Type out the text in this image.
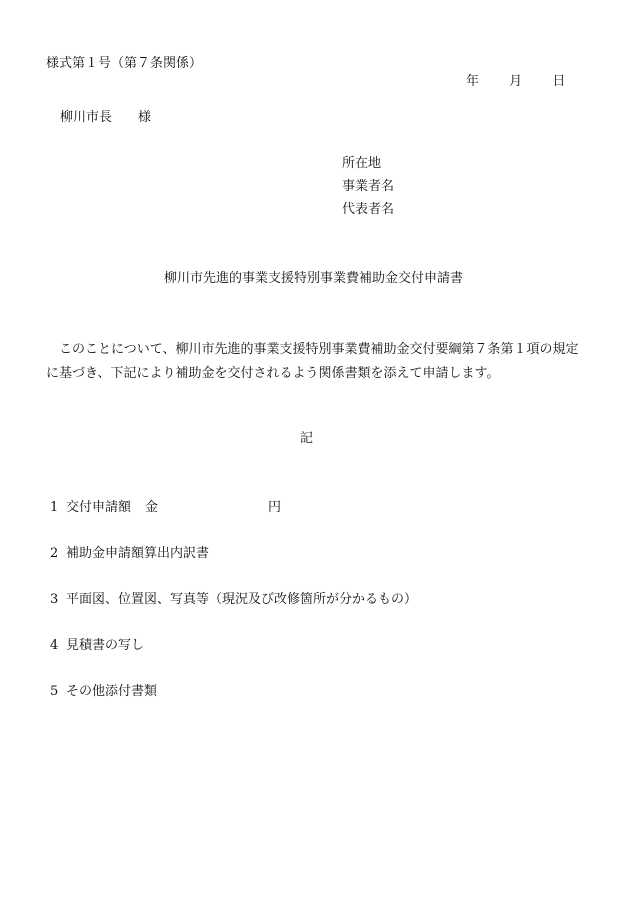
様式第１号（第７条関係）
年 月 日
柳川市長　　様
所在地
事業者名
代表者名
柳川市先進的事業支援特別事業費補助金交付申請書
このことについて、柳川市先進的事業支援特別事業費補助金交付要綱第７条第１項の規定に基づき、下記により補助金を交付されるよう関係書類を添えて申請します。
記
1 交付申請額 金	円
2 補助金申請額算出内訳書
3 平面図、位置図、写真等（現況及び改修箇所が分かるもの）
4 見積書の写し
5 その他添付書類
